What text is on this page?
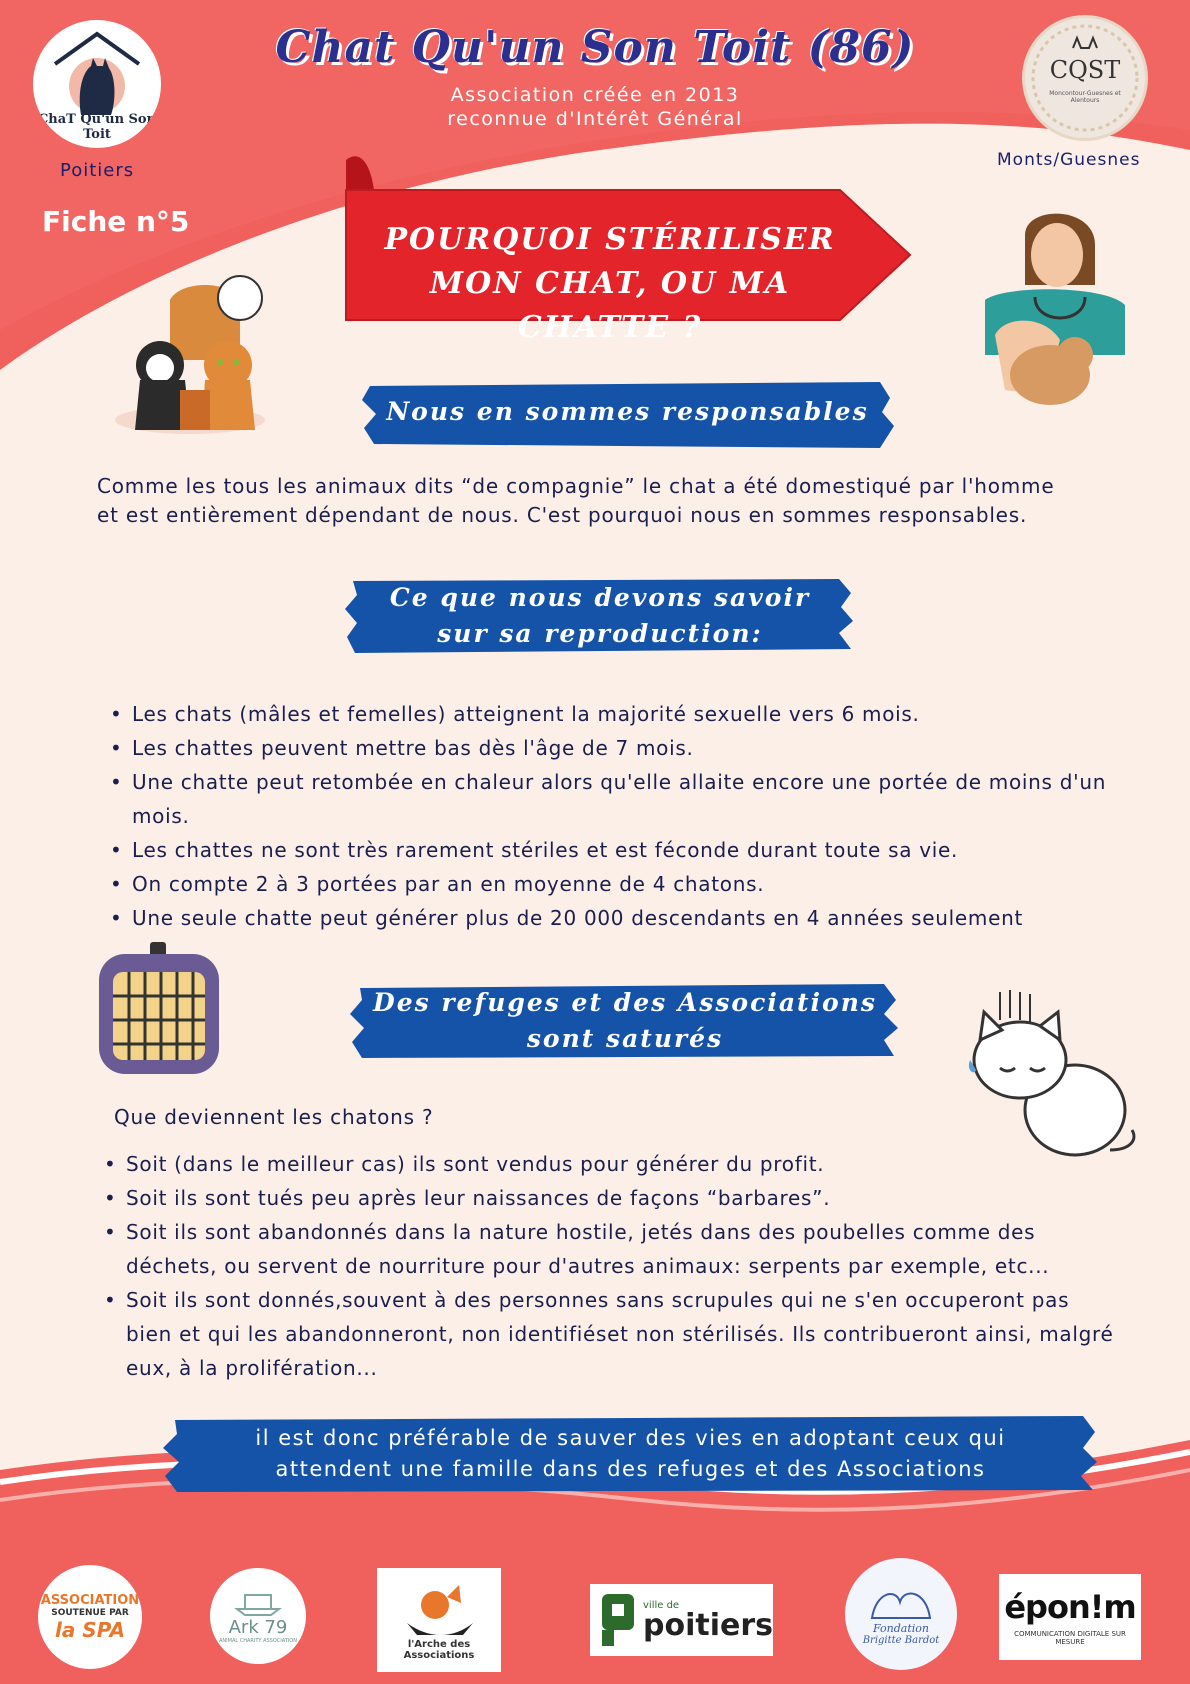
Chat Qu'un Son Toit (86)
Association créée en 2013
reconnue d'Intérêt Général
ChaT Qu'un Son Toit
Poitiers
Fiche n°5
CQST
Moncontour-Guesnes et Alentours
Monts/Guesnes
POURQUOI STÉRILISER
MON CHAT, OU MA CHATTE ?
Nous en sommes responsables
Comme les tous les animaux dits “de compagnie” le chat a été domestiqué par l'homme
et est entièrement dépendant de nous. C'est pourquoi nous en sommes responsables.
Ce que nous devons savoir
sur sa reproduction:
• Les chats (mâles et femelles) atteignent la majorité sexuelle vers 6 mois.
• Les chattes peuvent mettre bas dès l'âge de 7 mois.
• Une chatte peut retombée en chaleur alors qu'elle allaite encore une portée de moins d'un mois.
• Les chattes ne sont très rarement stériles et est féconde durant toute sa vie.
• On compte 2 à 3 portées par an en moyenne de 4 chatons.
• Une seule chatte peut générer plus de 20 000 descendants en 4 années seulement
Des refuges et des Associations
sont saturés
Que deviennent les chatons ?
• Soit (dans le meilleur cas) ils sont vendus pour générer du profit.
• Soit ils sont tués peu après leur naissances de façons “barbares”.
• Soit ils sont abandonnés dans la nature hostile, jetés dans des poubelles comme des déchets, ou servent de nourriture pour d'autres animaux: serpents par exemple, etc...
• Soit ils sont donnés,souvent à des personnes sans scrupules qui ne s'en occuperont pas bien et qui les abandonneront, non identifiéset non stérilisés. Ils contribueront ainsi, malgré eux, à la prolifération...
il est donc préférable de sauver des vies en adoptant ceux qui
attendent une famille dans des refuges et des Associations
ASSOCIATION
SOUTENUE PAR
la SPA	Ark 79
ANIMAL CHARITY ASSOCIATION	l'Arche des Associations
ville de
poitiers	Fondation
Brigitte Bardot
épon!m
COMMUNICATION DIGITALE SUR MESURE
